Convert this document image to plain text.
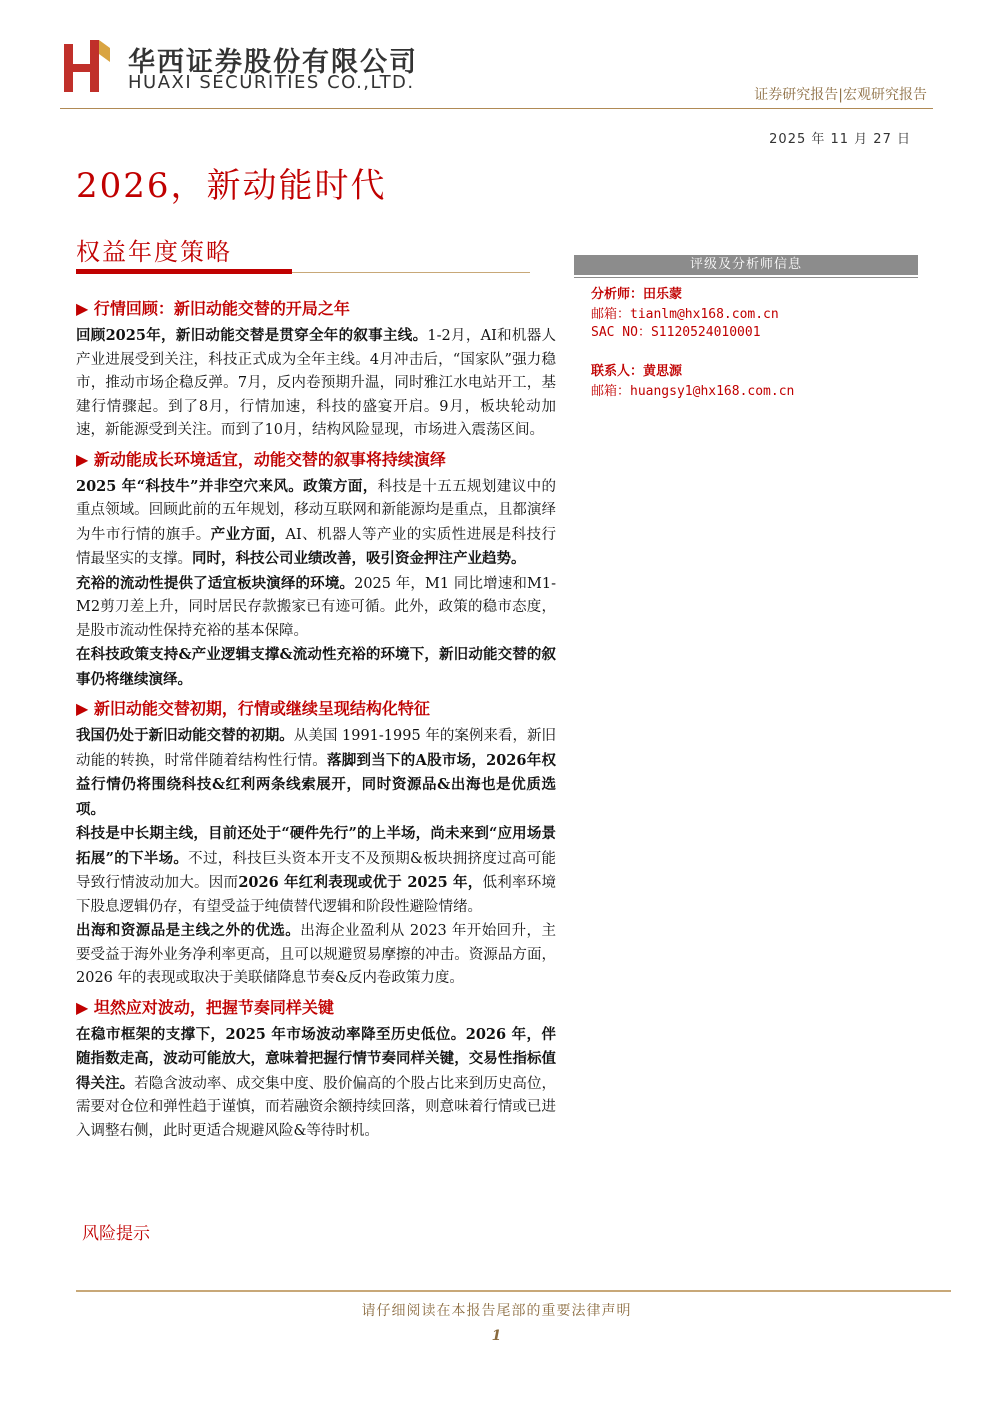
华西证券股份有限公司
HUAXI SECURITIES CO.,LTD.
证券研究报告|宏观研究报告
2025 年 11 月 27 日
2026，新动能时代
权益年度策略	评级及分析师信息
分析师：田乐蒙
邮箱：tianlm@hx168.com.cn
SAC NO：S1120524010001
联系人：黄思源
邮箱：huangsy1@hx168.com.cn
▶ 行情回顾：新旧动能交替的开局之年
回顾2025年，新旧动能交替是贯穿全年的叙事主线。1-2月，AI和机器人产业进展受到关注，科技正式成为全年主线。4月冲击后，“国家队”强力稳市，推动市场企稳反弹。7月，反内卷预期升温，同时雅江水电站开工，基建行情骤起。到了8月，行情加速，科技的盛宴开启。9月，板块轮动加速，新能源受到关注。而到了10月，结构风险显现，市场进入震荡区间。
▶ 新动能成长环境适宜，动能交替的叙事将持续演绎
2025 年“科技牛”并非空穴来风。政策方面，科技是十五五规划建议中的重点领域。回顾此前的五年规划，移动互联网和新能源均是重点，且都演绎为牛市行情的旗手。产业方面，AI、机器人等产业的实质性进展是科技行情最坚实的支撑。同时，科技公司业绩改善，吸引资金押注产业趋势。
充裕的流动性提供了适宜板块演绎的环境。2025 年，M1 同比增速和M1-M2剪刀差上升，同时居民存款搬家已有迹可循。此外，政策的稳市态度，是股市流动性保持充裕的基本保障。
在科技政策支持&产业逻辑支撑&流动性充裕的环境下，新旧动能交替的叙事仍将继续演绎。
▶ 新旧动能交替初期，行情或继续呈现结构化特征
我国仍处于新旧动能交替的初期。从美国 1991-1995 年的案例来看，新旧动能的转换，时常伴随着结构性行情。落脚到当下的A股市场，2026年权益行情仍将围绕科技&红利两条线索展开，同时资源品&出海也是优质选项。
科技是中长期主线，目前还处于“硬件先行”的上半场，尚未来到“应用场景拓展”的下半场。不过，科技巨头资本开支不及预期&板块拥挤度过高可能导致行情波动加大。因而2026 年红利表现或优于 2025 年，低利率环境下股息逻辑仍存，有望受益于纯债替代逻辑和阶段性避险情绪。
出海和资源品是主线之外的优选。出海企业盈利从 2023 年开始回升，主要受益于海外业务净利率更高，且可以规避贸易摩擦的冲击。资源品方面，2026 年的表现或取决于美联储降息节奏&反内卷政策力度。
▶ 坦然应对波动，把握节奏同样关键
在稳市框架的支撑下，2025 年市场波动率降至历史低位。2026 年，伴随指数走高，波动可能放大，意味着把握行情节奏同样关键，交易性指标值得关注。若隐含波动率、成交集中度、股价偏高的个股占比来到历史高位，需要对仓位和弹性趋于谨慎，而若融资余额持续回落，则意味着行情或已进入调整右侧，此时更适合规避风险&等待时机。
风险提示
请仔细阅读在本报告尾部的重要法律声明
1
